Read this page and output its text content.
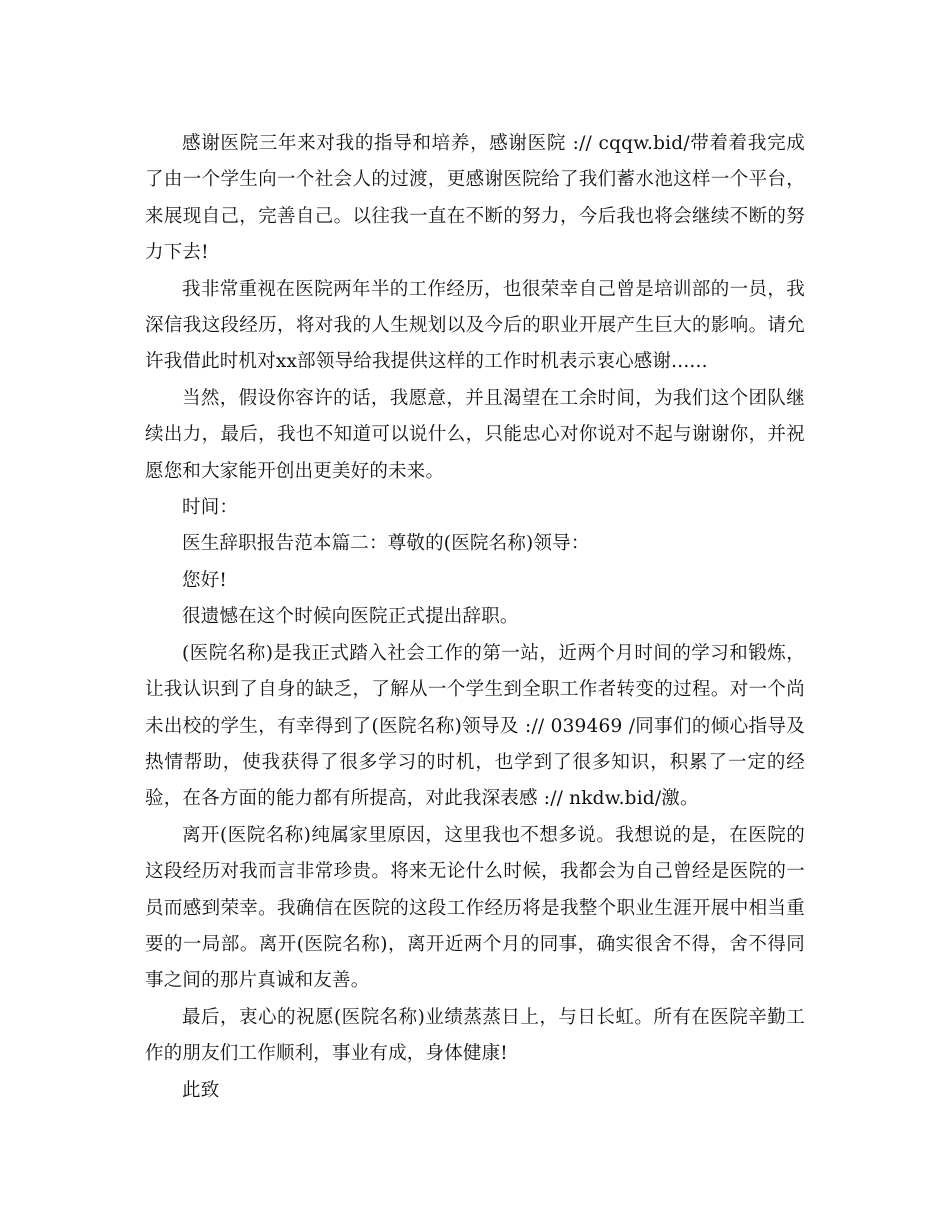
感谢医院三年来对我的指导和培养，感谢医院 :// cqqw.bid/带着着我完成了由一个学生向一个社会人的过渡，更感谢医院给了我们蓄水池这样一个平台，来展现自己，完善自己。以往我一直在不断的努力，今后我也将会继续不断的努力下去!

我非常重视在医院两年半的工作经历，也很荣幸自己曾是培训部的一员，我深信我这段经历，将对我的人生规划以及今后的职业开展产生巨大的影响。请允许我借此时机对xx部领导给我提供这样的工作时机表示衷心感谢......

当然，假设你容许的话，我愿意，并且渴望在工余时间，为我们这个团队继续出力，最后，我也不知道可以说什么，只能忠心对你说对不起与谢谢你，并祝愿您和大家能开创出更美好的未来。

时间：

医生辞职报告范本篇二：尊敬的(医院名称)领导：

您好!

很遗憾在这个时候向医院正式提出辞职。

(医院名称)是我正式踏入社会工作的第一站，近两个月时间的学习和锻炼，让我认识到了自身的缺乏，了解从一个学生到全职工作者转变的过程。对一个尚未出校的学生，有幸得到了(医院名称)领导及 :// 039469 /同事们的倾心指导及热情帮助，使我获得了很多学习的时机，也学到了很多知识，积累了一定的经验，在各方面的能力都有所提高，对此我深表感 :// nkdw.bid/激。

离开(医院名称)纯属家里原因，这里我也不想多说。我想说的是，在医院的这段经历对我而言非常珍贵。将来无论什么时候，我都会为自己曾经是医院的一员而感到荣幸。我确信在医院的这段工作经历将是我整个职业生涯开展中相当重要的一局部。离开(医院名称)，离开近两个月的同事，确实很舍不得，舍不得同事之间的那片真诚和友善。

最后，衷心的祝愿(医院名称)业绩蒸蒸日上，与日长虹。所有在医院辛勤工作的朋友们工作顺利，事业有成，身体健康!

此致
